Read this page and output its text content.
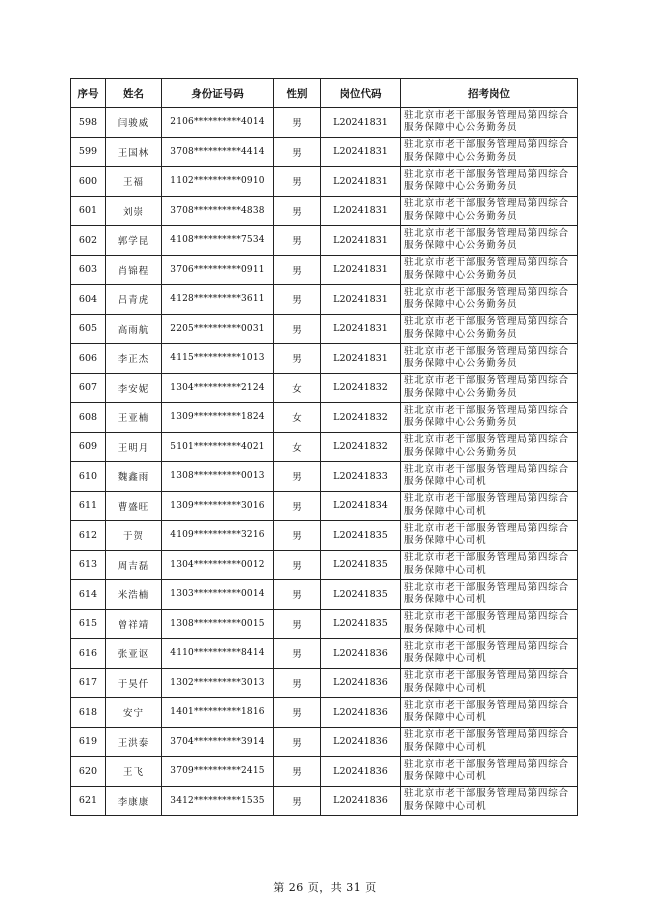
序号	姓名	身份证号码	性别	岗位代码	招考岗位
598	闫骏威	2106**********4014	男	L20241831	驻北京市老干部服务管理局第四综合服务保障中心公务勤务员
599	王国林	3708**********4414	男	L20241831	驻北京市老干部服务管理局第四综合服务保障中心公务勤务员
600	王福	1102**********0910	男	L20241831	驻北京市老干部服务管理局第四综合服务保障中心公务勤务员
601	刘崇	3708**********4838	男	L20241831	驻北京市老干部服务管理局第四综合服务保障中心公务勤务员
602	郭学昆	4108**********7534	男	L20241831	驻北京市老干部服务管理局第四综合服务保障中心公务勤务员
603	肖锦程	3706**********0911	男	L20241831	驻北京市老干部服务管理局第四综合服务保障中心公务勤务员
604	吕青虎	4128**********3611	男	L20241831	驻北京市老干部服务管理局第四综合服务保障中心公务勤务员
605	高雨航	2205**********0031	男	L20241831	驻北京市老干部服务管理局第四综合服务保障中心公务勤务员
606	李正杰	4115**********1013	男	L20241831	驻北京市老干部服务管理局第四综合服务保障中心公务勤务员
607	李安妮	1304**********2124	女	L20241832	驻北京市老干部服务管理局第四综合服务保障中心公务勤务员
608	王亚楠	1309**********1824	女	L20241832	驻北京市老干部服务管理局第四综合服务保障中心公务勤务员
609	王明月	5101**********4021	女	L20241832	驻北京市老干部服务管理局第四综合服务保障中心公务勤务员
610	魏鑫雨	1308**********0013	男	L20241833	驻北京市老干部服务管理局第四综合服务保障中心司机
611	曹盛旺	1309**********3016	男	L20241834	驻北京市老干部服务管理局第四综合服务保障中心司机
612	于贺	4109**********3216	男	L20241835	驻北京市老干部服务管理局第四综合服务保障中心司机
613	周吉磊	1304**********0012	男	L20241835	驻北京市老干部服务管理局第四综合服务保障中心司机
614	米浩楠	1303**********0014	男	L20241835	驻北京市老干部服务管理局第四综合服务保障中心司机
615	曾祥靖	1308**********0015	男	L20241835	驻北京市老干部服务管理局第四综合服务保障中心司机
616	张亚讴	4110**********8414	男	L20241836	驻北京市老干部服务管理局第四综合服务保障中心司机
617	于昊仟	1302**********3013	男	L20241836	驻北京市老干部服务管理局第四综合服务保障中心司机
618	安宁	1401**********1816	男	L20241836	驻北京市老干部服务管理局第四综合服务保障中心司机
619	王洪泰	3704**********3914	男	L20241836	驻北京市老干部服务管理局第四综合服务保障中心司机
620	王飞	3709**********2415	男	L20241836	驻北京市老干部服务管理局第四综合服务保障中心司机
621	李康康	3412**********1535	男	L20241836	驻北京市老干部服务管理局第四综合服务保障中心司机
第 26 页，共 31 页
